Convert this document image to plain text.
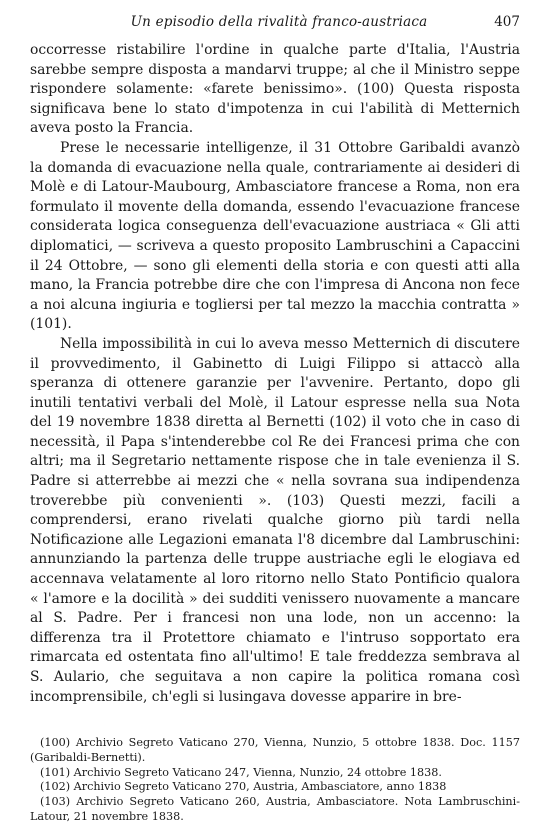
Un episodio della rivalità franco-austriaca	407

occorresse ristabilire l'ordine in qualche parte d'Italia, l'Austria sarebbe sempre disposta a mandarvi truppe; al che il Ministro seppe rispondere solamente: «farete benissimo». (100) Questa risposta significava bene lo stato d'impotenza in cui l'abilità di Metternich aveva posto la Francia.

Prese le necessarie intelligenze, il 31 Ottobre Garibaldi avanzò la domanda di evacuazione nella quale, contrariamente ai desideri di Molè e di Latour-Maubourg, Ambasciatore francese a Roma, non era formulato il movente della domanda, essendo l'evacuazione francese considerata logica conseguenza dell'evacuazione austriaca « Gli atti diplomatici, — scriveva a questo proposito Lambruschini a Capaccini il 24 Ottobre, — sono gli elementi della storia e con questi atti alla mano, la Francia potrebbe dire che con l'impresa di Ancona non fece a noi alcuna ingiuria e togliersi per tal mezzo la macchia contratta » (101).

Nella impossibilità in cui lo aveva messo Metternich di discutere il provvedimento, il Gabinetto di Luigi Filippo si attaccò alla speranza di ottenere garanzie per l'avvenire. Pertanto, dopo gli inutili tentativi verbali del Molè, il Latour espresse nella sua Nota del 19 novembre 1838 diretta al Bernetti (102) il voto che in caso di necessità, il Papa s'intenderebbe col Re dei Francesi prima che con altri; ma il Segretario nettamente rispose che in tale evenienza il S. Padre si atterrebbe ai mezzi che « nella sovrana sua indipendenza troverebbe più convenienti ». (103) Questi mezzi, facili a comprendersi, erano rivelati qualche giorno più tardi nella Notificazione alle Legazioni emanata l'8 dicembre dal Lambruschini: annunziando la partenza delle truppe austriache egli le elogiava ed accennava velatamente al loro ritorno nello Stato Pontificio qualora « l'amore e la docilità » dei sudditi venissero nuovamente a mancare al S. Padre. Per i francesi non una lode, non un accenno: la differenza tra il Protettore chiamato e l'intruso sopportato era rimarcata ed ostentata fino all'ultimo! E tale freddezza sembrava al S. Aulario, che seguitava a non capire la politica romana così incomprensibile, ch'egli si lusingava dovesse apparire in bre-

(100) Archivio Segreto Vaticano 270, Vienna, Nunzio, 5 ottobre 1838. Doc. 1157 (Garibaldi-Bernetti).

(101) Archivio Segreto Vaticano 247, Vienna, Nunzio, 24 ottobre 1838.

(102) Archivio Segreto Vaticano 270, Austria, Ambasciatore, anno 1838

(103) Archivio Segreto Vaticano 260, Austria, Ambasciatore. Nota Lambruschini-Latour, 21 novembre 1838.
